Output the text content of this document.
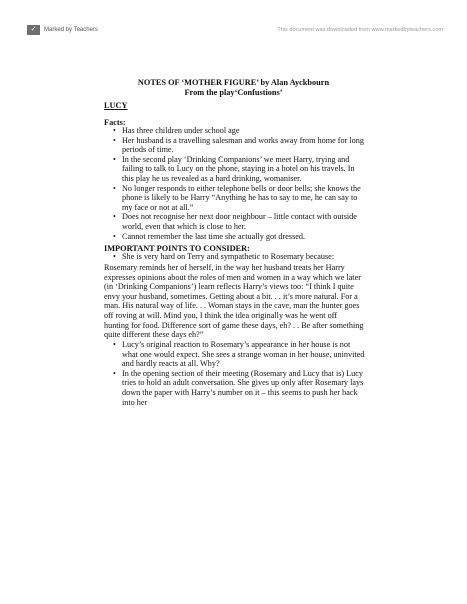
✓	Marked by Teachers	This document was downloaded from www.markedbyteachers.com
NOTES OF ‘MOTHER FIGURE’ by Alan Ayckbourn
From the play‘Confustions’
LUCY
Facts:
• Has three children under school age
• Her husband is a travelling salesman and works away from home for long periods of time.
• In the second play ‘Drinking Companions’ we meet Harry, trying and failing to talk to Lucy on the phone, staying in a hotel on his travels. In this play he us revealed as a hard drinking, womaniser.
• No longer responds to either telephone bells or door bells; she knows the phone is likely to be Harry “Anything he has to say to me, he can say to my face or not at all.”
• Does not recognise her next door neighbour – little contact with outside world, even that which is close to her.
• Cannot remember the last time she actually got dressed.
IMPORTANT POINTS TO CONSIDER:
• She is very hard on Terry and sympathetic to Rosemary because:
Rosemary reminds her of herself, in the way her husband treats her Harry expresses opinions about the roles of men and women in a way which we later (in ‘Drinking Companions’) learn reflects Harry’s views too: “I think I quite envy your husband, sometimes. Getting about a bit. . . it’s more natural. For a man. His natural way of life. . . Woman stays in the cave, man the hunter goes off roving at will. Mind you, I think the idea originally was he went off hunting for food. Difference sort of game these days, eh? . . Be after something quite different these days eh?”
• Lucy’s original reaction to Rosemary’s appearance in her house is not what one would expect. She sees a strange woman in her house, uninvited and hardly reacts at all. Why?
• In the opening section of their meeting (Rosemary and Lucy that is) Lucy tries to hold an adult conversation. She gives up only after Rosemary lays down the paper with Harry’s number on it – this seems to push her back into her
